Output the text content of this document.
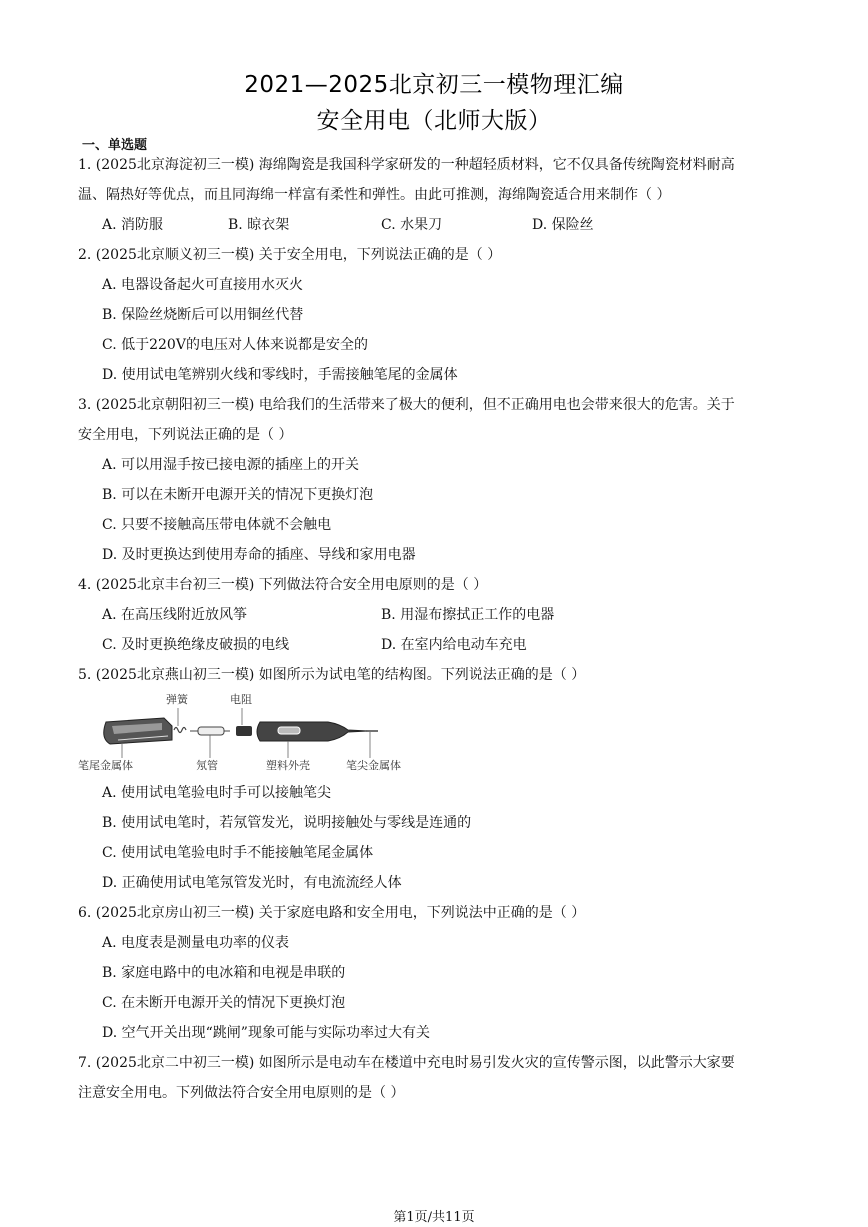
2021—2025北京初三一模物理汇编
安全用电（北师大版）
一、单选题
1. (2025北京海淀初三一模) 海绵陶瓷是我国科学家研发的一种超轻质材料，它不仅具备传统陶瓷材料耐高
温、隔热好等优点，而且同海绵一样富有柔性和弹性。由此可推测，海绵陶瓷适合用来制作（ ）
A. 消防服	B. 晾衣架	C. 水果刀	D. 保险丝
2. (2025北京顺义初三一模) 关于安全用电，下列说法正确的是（ ）
A. 电器设备起火可直接用水灭火
B. 保险丝烧断后可以用铜丝代替
C. 低于220V的电压对人体来说都是安全的
D. 使用试电笔辨别火线和零线时，手需接触笔尾的金属体
3. (2025北京朝阳初三一模) 电给我们的生活带来了极大的便利，但不正确用电也会带来很大的危害。关于
安全用电，下列说法正确的是（ ）
A. 可以用湿手按已接电源的插座上的开关
B. 可以在未断开电源开关的情况下更换灯泡
C. 只要不接触高压带电体就不会触电
D. 及时更换达到使用寿命的插座、导线和家用电器
4. (2025北京丰台初三一模) 下列做法符合安全用电原则的是（ ）
A. 在高压线附近放风筝	B. 用湿布擦拭正工作的电器
C. 及时更换绝缘皮破损的电线	D. 在室内给电动车充电
5. (2025北京燕山初三一模) 如图所示为试电笔的结构图。下列说法正确的是（ ）
弹簧	电阻
笔尾金属体	氖管	塑料外壳	笔尖金属体
A. 使用试电笔验电时手可以接触笔尖
B. 使用试电笔时，若氖管发光，说明接触处与零线是连通的
C. 使用试电笔验电时手不能接触笔尾金属体
D. 正确使用试电笔氖管发光时，有电流流经人体
6. (2025北京房山初三一模) 关于家庭电路和安全用电，下列说法中正确的是（ ）
A. 电度表是测量电功率的仪表
B. 家庭电路中的电冰箱和电视是串联的
C. 在未断开电源开关的情况下更换灯泡
D. 空气开关出现“跳闸”现象可能与实际功率过大有关
7. (2025北京二中初三一模) 如图所示是电动车在楼道中充电时易引发火灾的宣传警示图，以此警示大家要
注意安全用电。下列做法符合安全用电原则的是（ ）
第1页/共11页
